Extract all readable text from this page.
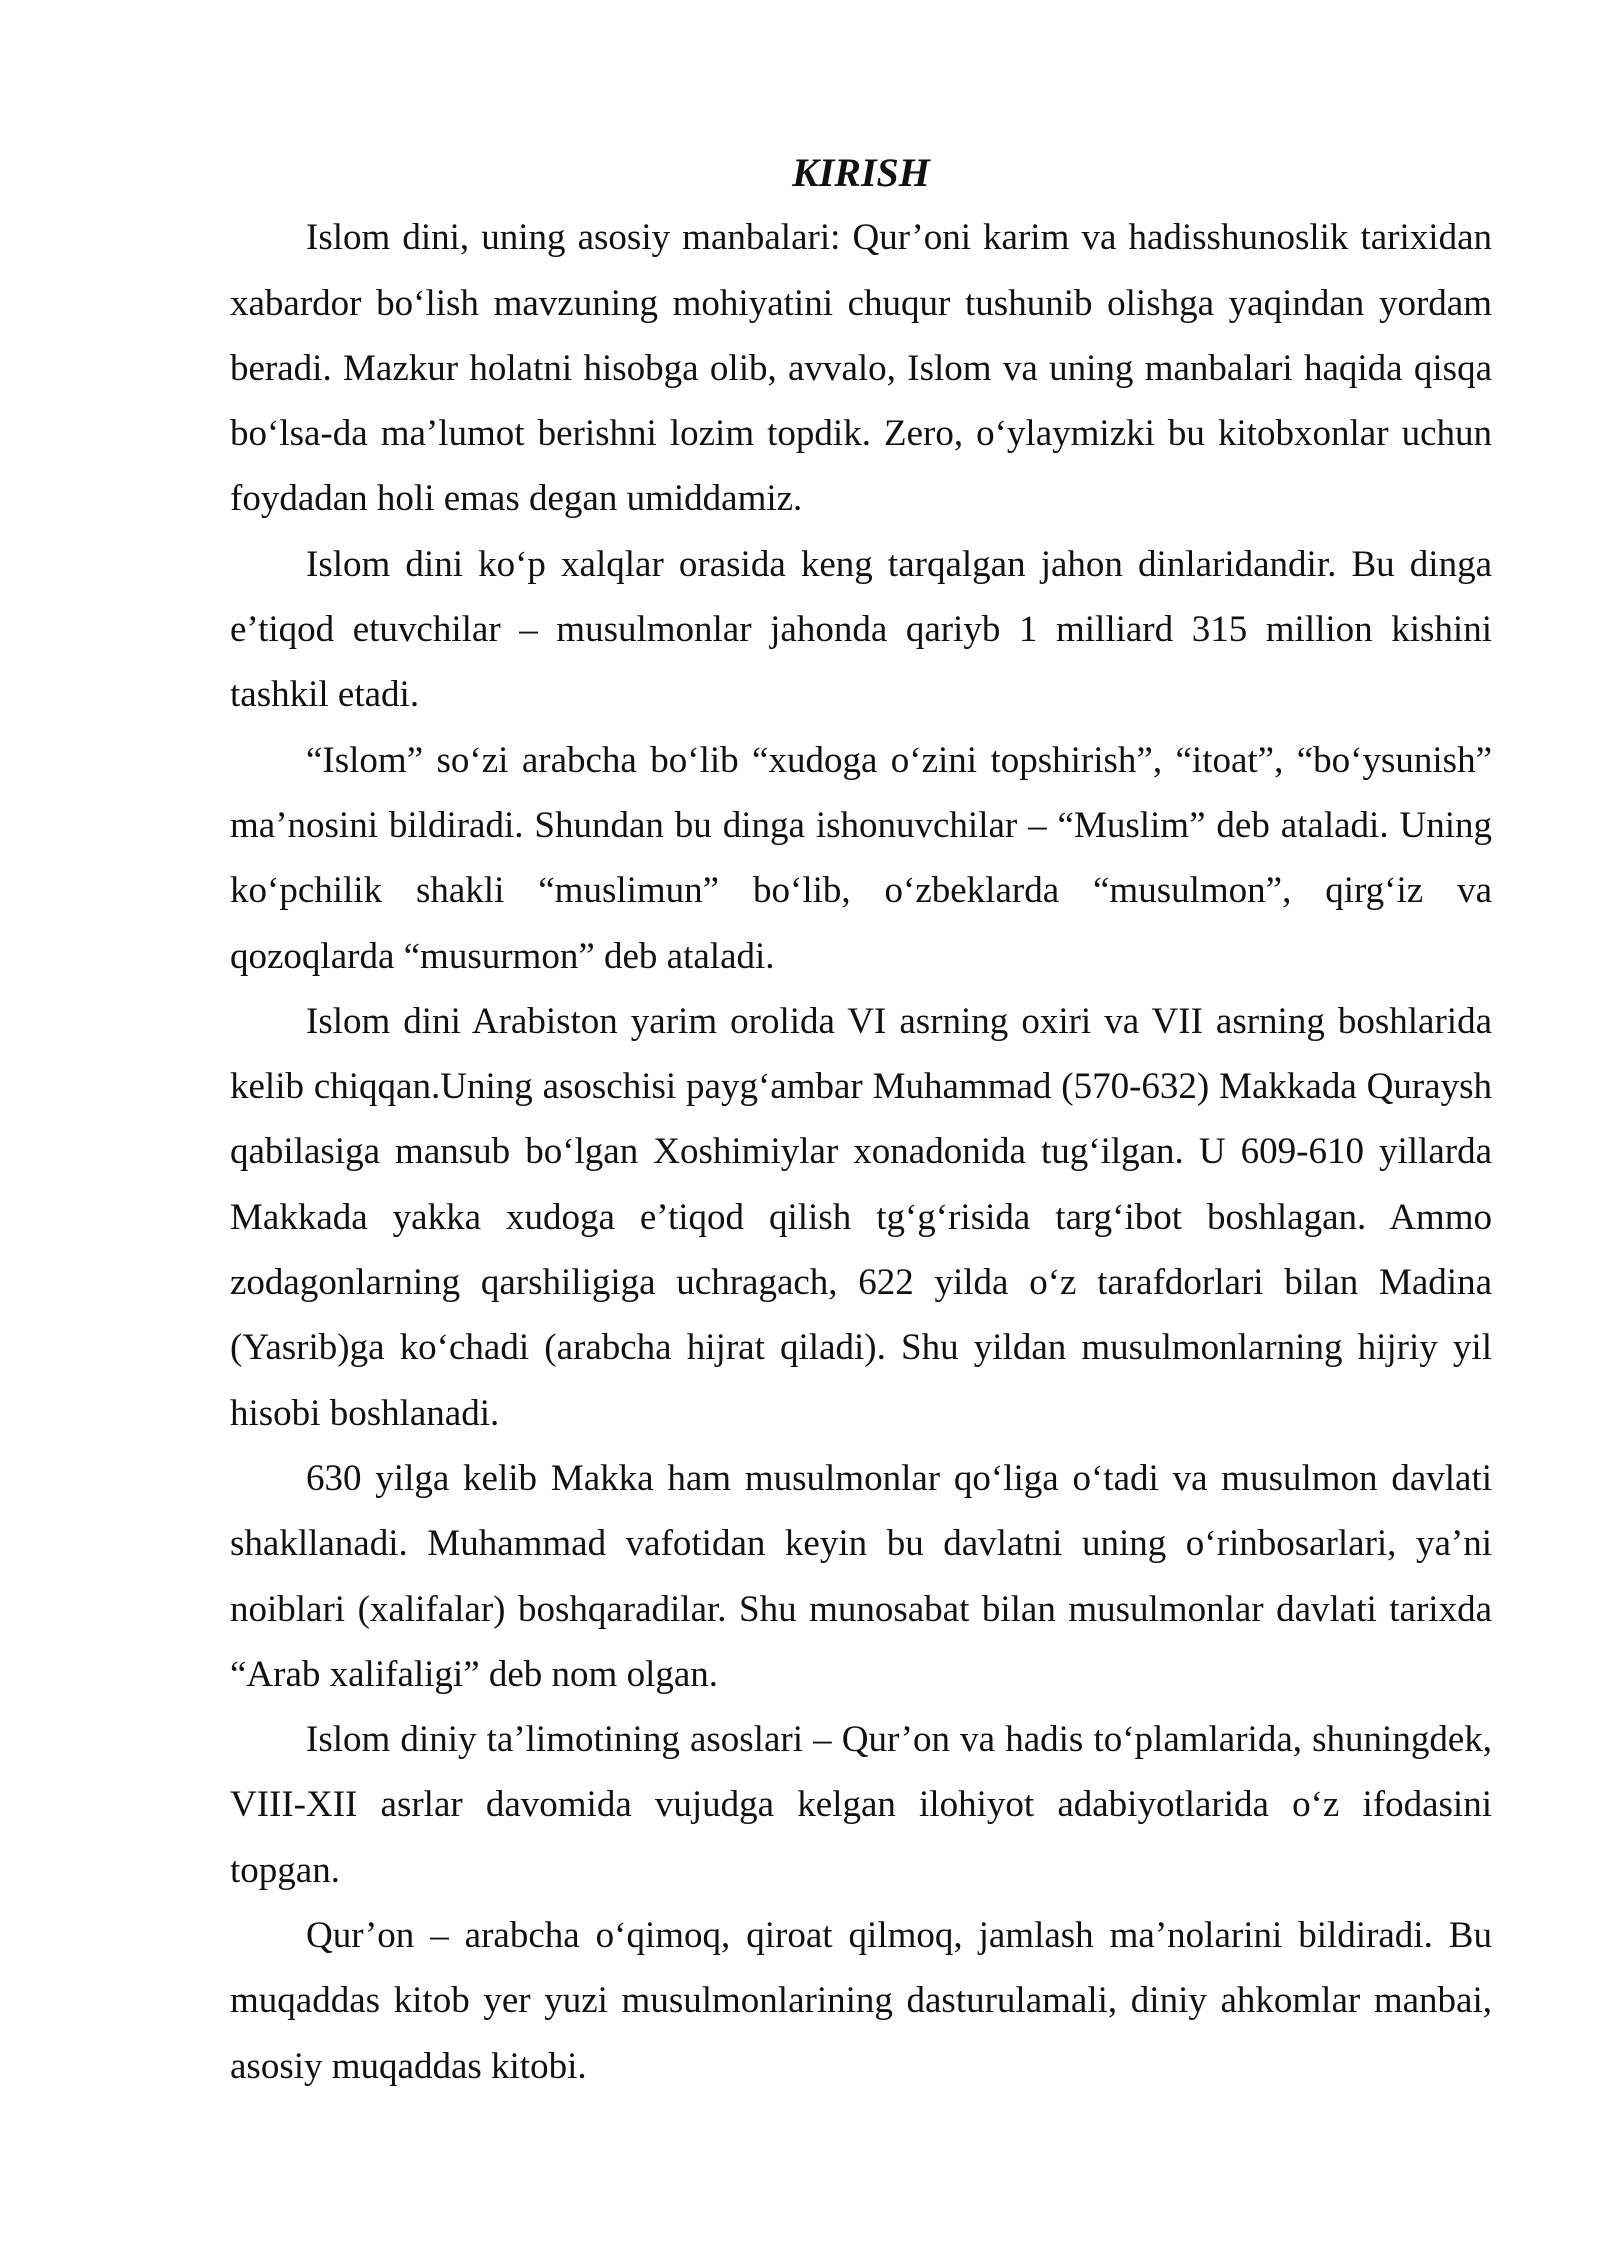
KIRISH

Islom dini, uning asosiy manbalari: Qur’oni karim va hadisshunoslik tarixidan xabardor bo‘lish mavzuning mohiyatini chuqur tushunib olishga yaqindan yordam beradi. Mazkur holatni hisobga olib, avvalo, Islom va uning manbalari haqida qisqa bo‘lsa-da ma’lumot berishni lozim topdik. Zero, o‘ylaymizki bu kitobxonlar uchun foydadan holi emas degan umiddamiz.

Islom dini ko‘p xalqlar orasida keng tarqalgan jahon dinlaridandir. Bu dinga e’tiqod etuvchilar – musulmonlar jahonda qariyb 1 milliard 315 million kishini tashkil etadi.

“Islom” so‘zi arabcha bo‘lib “xudoga o‘zini topshirish”, “itoat”, “bo‘ysunish” ma’nosini bildiradi. Shundan bu dinga ishonuvchilar – “Muslim” deb ataladi. Uning ko‘pchilik shakli “muslimun” bo‘lib, o‘zbeklarda “musulmon”, qirg‘iz va qozoqlarda “musurmon” deb ataladi.

Islom dini Arabiston yarim orolida VI asrning oxiri va VII asrning boshlarida kelib chiqqan.Uning asoschisi payg‘ambar Muhammad (570-632) Makkada Quraysh qabilasiga mansub bo‘lgan Xoshimiylar xonadonida tug‘ilgan. U 609-610 yillarda Makkada yakka xudoga e’tiqod qilish tg‘g‘risida targ‘ibot boshlagan. Ammo zodagonlarning qarshiligiga uchragach, 622 yilda o‘z tarafdorlari bilan Madina (Yasrib)ga ko‘chadi (arabcha hijrat qiladi). Shu yildan musulmonlarning hijriy yil hisobi boshlanadi.

630 yilga kelib Makka ham musulmonlar qo‘liga o‘tadi va musulmon davlati shakllanadi. Muhammad vafotidan keyin bu davlatni uning o‘rinbosarlari, ya’ni noiblari (xalifalar) boshqaradilar. Shu munosabat bilan musulmonlar davlati tarixda “Arab xalifaligi” deb nom olgan.

Islom diniy ta’limotining asoslari – Qur’on va hadis to‘plamlarida, shuningdek, VIII-XII asrlar davomida vujudga kelgan ilohiyot adabiyotlarida o‘z ifodasini topgan.

Qur’on – arabcha o‘qimoq, qiroat qilmoq, jamlash ma’nolarini bildiradi. Bu muqaddas kitob yer yuzi musulmonlarining dasturulamali, diniy ahkomlar manbai, asosiy muqaddas kitobi.
